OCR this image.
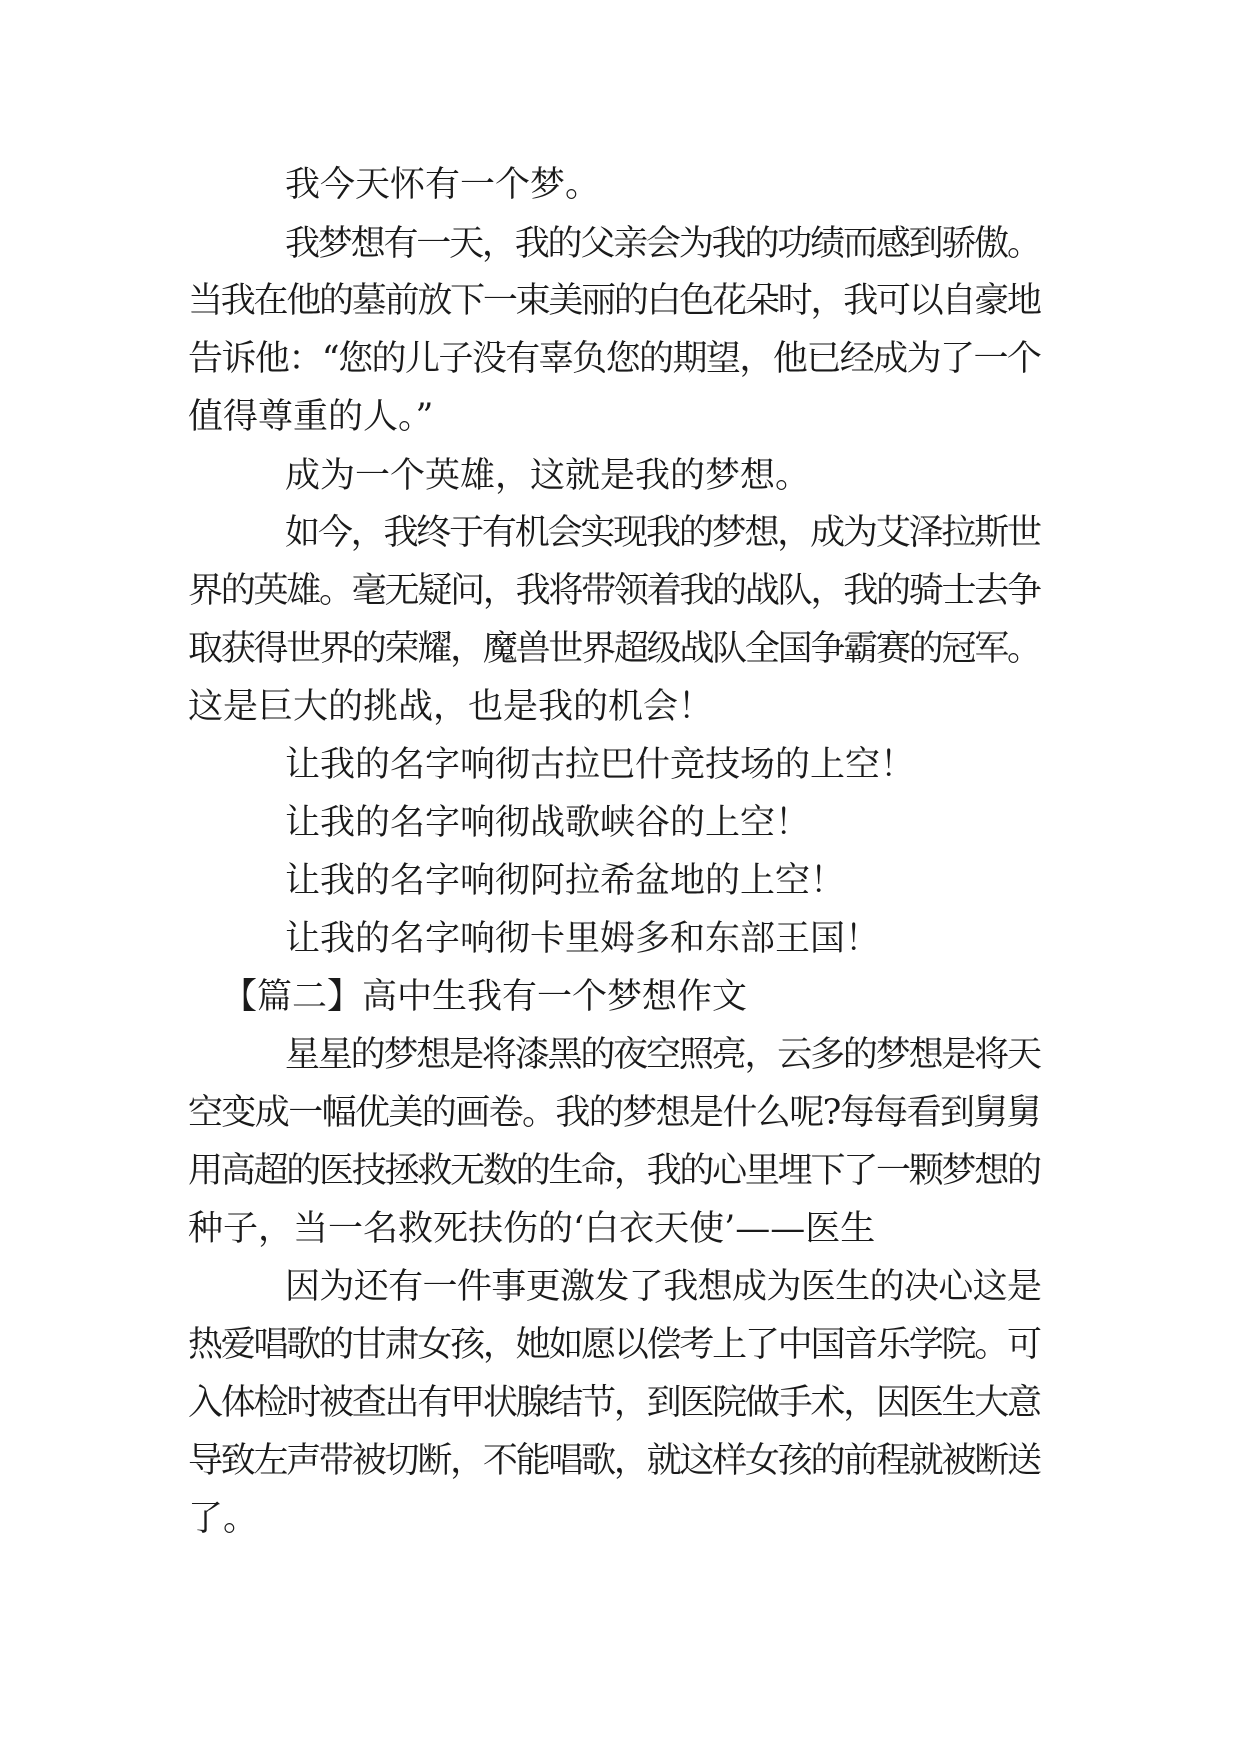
我今天怀有一个梦。
我梦想有一天，我的父亲会为我的功绩而感到骄傲。
当我在他的墓前放下一束美丽的白色花朵时，我可以自豪地
告诉他：“您的儿子没有辜负您的期望，他已经成为了一个
值得尊重的人。”
成为一个英雄，这就是我的梦想。
如今，我终于有机会实现我的梦想，成为艾泽拉斯世
界的英雄。毫无疑问，我将带领着我的战队，我的骑士去争
取获得世界的荣耀，魔兽世界超级战队全国争霸赛的冠军。
这是巨大的挑战，也是我的机会！
让我的名字响彻古拉巴什竞技场的上空！
让我的名字响彻战歌峡谷的上空！
让我的名字响彻阿拉希盆地的上空！
让我的名字响彻卡里姆多和东部王国！
【篇二】高中生我有一个梦想作文
星星的梦想是将漆黑的夜空照亮，云多的梦想是将天
空变成一幅优美的画卷。我的梦想是什么呢?每每看到舅舅
用高超的医技拯救无数的生命，我的心里埋下了一颗梦想的
种子，当一名救死扶伤的‘白衣天使’——医生
因为还有一件事更激发了我想成为医生的决心这是
热爱唱歌的甘肃女孩，她如愿以偿考上了中国音乐学院。可
入体检时被查出有甲状腺结节，到医院做手术，因医生大意
导致左声带被切断，不能唱歌，就这样女孩的前程就被断送
了。
